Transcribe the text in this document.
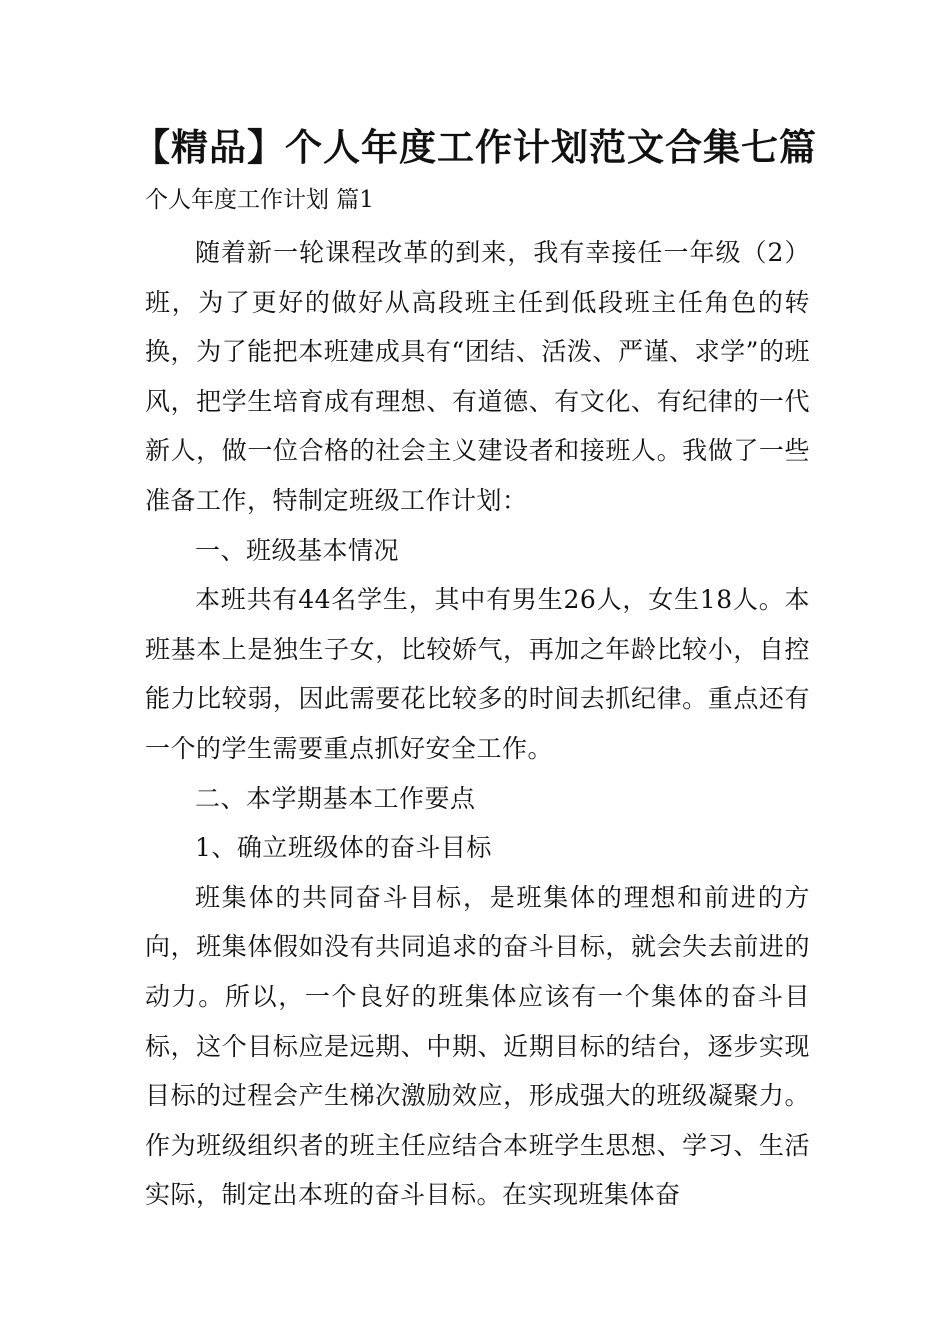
【精品】个人年度工作计划范文合集七篇

个人年度工作计划 篇1

随着新一轮课程改革的到来，我有幸接任一年级（2）班，为了更好的做好从高段班主任到低段班主任角色的转换，为了能把本班建成具有“团结、活泼、严谨、求学”的班风，把学生培育成有理想、有道德、有文化、有纪律的一代新人，做一位合格的社会主义建设者和接班人。我做了一些准备工作，特制定班级工作计划：

一、班级基本情况

本班共有44名学生，其中有男生26人，女生18人。本班基本上是独生子女，比较娇气，再加之年龄比较小，自控能力比较弱，因此需要花比较多的时间去抓纪律。重点还有一个的学生需要重点抓好安全工作。

二、本学期基本工作要点

1、确立班级体的奋斗目标

班集体的共同奋斗目标，是班集体的理想和前进的方向，班集体假如没有共同追求的奋斗目标，就会失去前进的动力。所以，一个良好的班集体应该有一个集体的奋斗目标，这个目标应是远期、中期、近期目标的结台，逐步实现目标的过程会产生梯次激励效应，形成强大的班级凝聚力。作为班级组织者的班主任应结合本班学生思想、学习、生活实际，制定出本班的奋斗目标。在实现班集体奋
